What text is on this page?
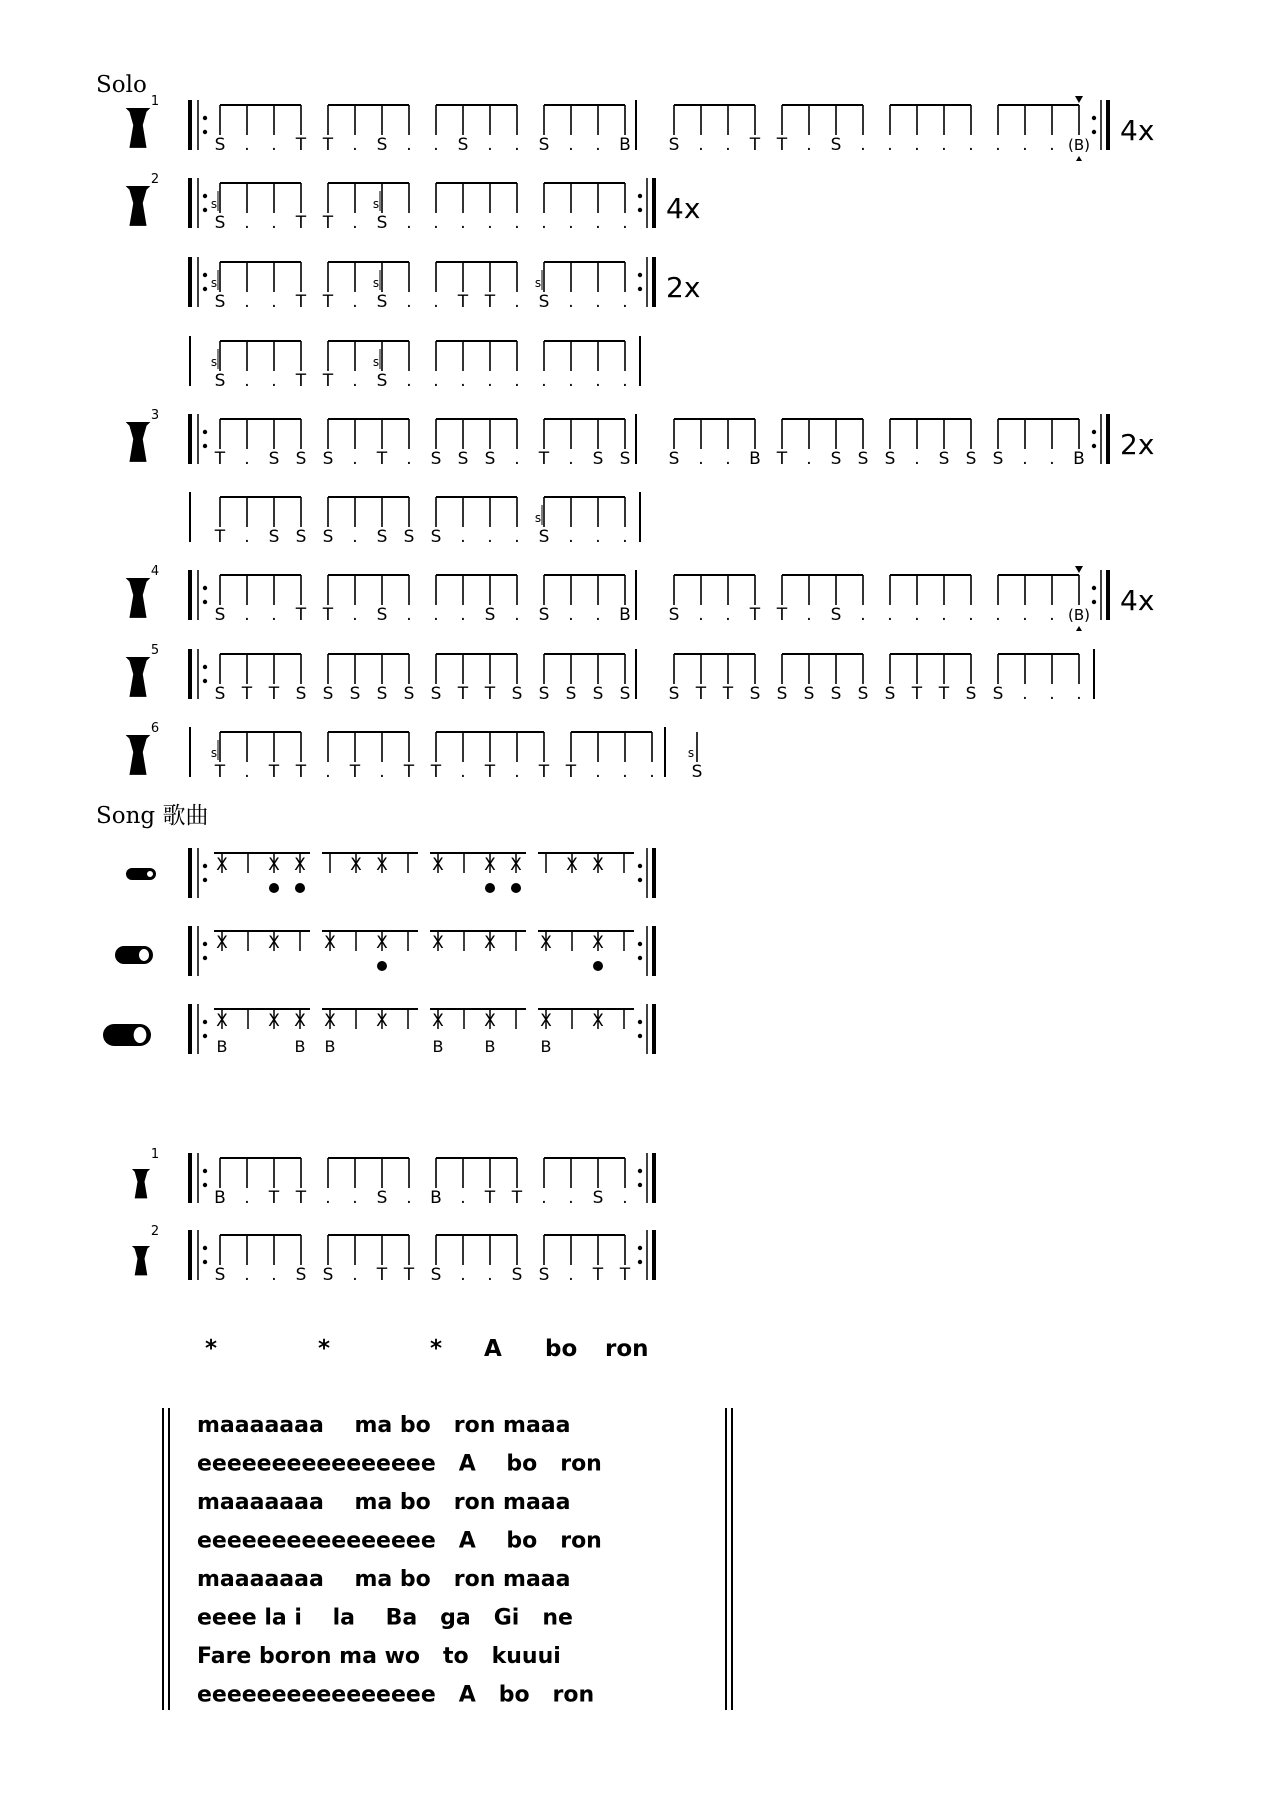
Solo
Song 歌曲
1
S . . T T . S . . S . . S . . B S . . T T . S . . . . . . . . (B) 4x
2
S
s
. . T T . S
s
. . . . . . . . . 4x
S
s
. . T T . S
s
. . T T . S
s
. . . 2x
S
s
. . T T . S
s
. . . . . . . . .
3
T . S S S . T . S S S . T . S S S . . B T . S S S . S S S . . B 2x
T . S S S . S S S . . . S
s
. . .
4
S . . T T . S . . . S . S . . B S . . T T . S . . . . . . . . (B) 4x
5
S T T S S S S S S T T S S S S S S T T S S S S S S T T S S . . .
6
T
s
. T T . T . T T . T . T T . . . S
s
X X X	X X	X X X	X X
X X	X X	X X	X X
X
B
X X
B
X
B
X	X
B
X
B
X
B
X
1
B . T T . . S . B . T T . . S .
2
S . . S S . T T S . . S S . T T
*	*	* A bo ron
maaaaaaa    ma bo   ron maaa
eeeeeeeeeeeeeeee   A    bo   ron
maaaaaaa    ma bo   ron maaa
eeeeeeeeeeeeeeee   A    bo   ron
maaaaaaa    ma bo   ron maaa
eeee la i    la    Ba   ga   Gi   ne
Fare boron ma wo   to   kuuui
eeeeeeeeeeeeeeee   A   bo   ron
